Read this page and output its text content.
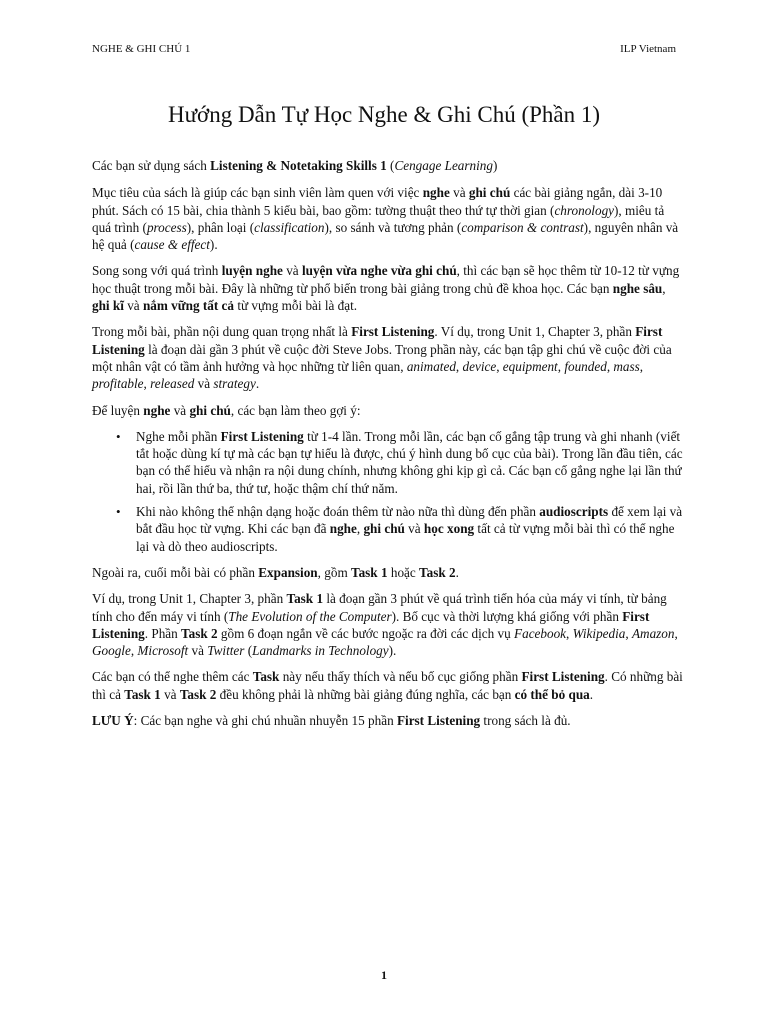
NGHE & GHI CHÚ 1	ILP Vietnam
Hướng Dẫn Tự Học Nghe & Ghi Chú (Phần 1)

Các bạn sử dụng sách Listening & Notetaking Skills 1 (Cengage Learning)

Mục tiêu của sách là giúp các bạn sinh viên làm quen với việc nghe và ghi chú các bài giảng ngắn, dài 3-10 phút. Sách có 15 bài, chia thành 5 kiểu bài, bao gồm: tường thuật theo thứ tự thời gian (chronology), miêu tả quá trình (process), phân loại (classification), so sánh và tương phản (comparison & contrast), nguyên nhân và hệ quả (cause & effect).

Song song với quá trình luyện nghe và luyện vừa nghe vừa ghi chú, thì các bạn sẽ học thêm từ 10-12 từ vựng học thuật trong mỗi bài. Đây là những từ phổ biến trong bài giảng trong chủ đề khoa học. Các bạn nghe sâu, ghi kĩ và nắm vững tất cả từ vựng mỗi bài là đạt.

Trong mỗi bài, phần nội dung quan trọng nhất là First Listening. Ví dụ, trong Unit 1, Chapter 3, phần First Listening là đoạn dài gần 3 phút về cuộc đời Steve Jobs. Trong phần này, các bạn tập ghi chú về cuộc đời của một nhân vật có tầm ảnh hưởng và học những từ liên quan, animated, device, equipment, founded, mass, profitable, released và strategy.

Để luyện nghe và ghi chú, các bạn làm theo gợi ý:

• Nghe mỗi phần First Listening từ 1-4 lần. Trong mỗi lần, các bạn cố gắng tập trung và ghi nhanh (viết tắt hoặc dùng kí tự mà các bạn tự hiểu là được, chú ý hình dung bố cục của bài). Trong lần đầu tiên, các bạn có thể hiểu và nhận ra nội dung chính, nhưng không ghi kịp gì cả. Các bạn cố gắng nghe lại lần thứ hai, rồi lần thứ ba, thứ tư, hoặc thậm chí thứ năm.
• Khi nào không thể nhận dạng hoặc đoán thêm từ nào nữa thì dùng đến phần audioscripts để xem lại và bắt đầu học từ vựng. Khi các bạn đã nghe, ghi chú và học xong tất cả từ vựng mỗi bài thì có thể nghe lại và dò theo audioscripts.

Ngoài ra, cuối mỗi bài có phần Expansion, gồm Task 1 hoặc Task 2.

Ví dụ, trong Unit 1, Chapter 3, phần Task 1 là đoạn gần 3 phút về quá trình tiến hóa của máy vi tính, từ bảng tính cho đến máy vi tính (The Evolution of the Computer). Bố cục và thời lượng khá giống với phần First Listening. Phần Task 2 gồm 6 đoạn ngắn về các bước ngoặc ra đời các dịch vụ Facebook, Wikipedia, Amazon, Google, Microsoft và Twitter (Landmarks in Technology).

Các bạn có thể nghe thêm các Task này nếu thấy thích và nếu bố cục giống phần First Listening. Có những bài thì cả Task 1 và Task 2 đều không phải là những bài giảng đúng nghĩa, các bạn có thể bỏ qua.

LƯU Ý: Các bạn nghe và ghi chú nhuần nhuyễn 15 phần First Listening trong sách là đủ.

1
